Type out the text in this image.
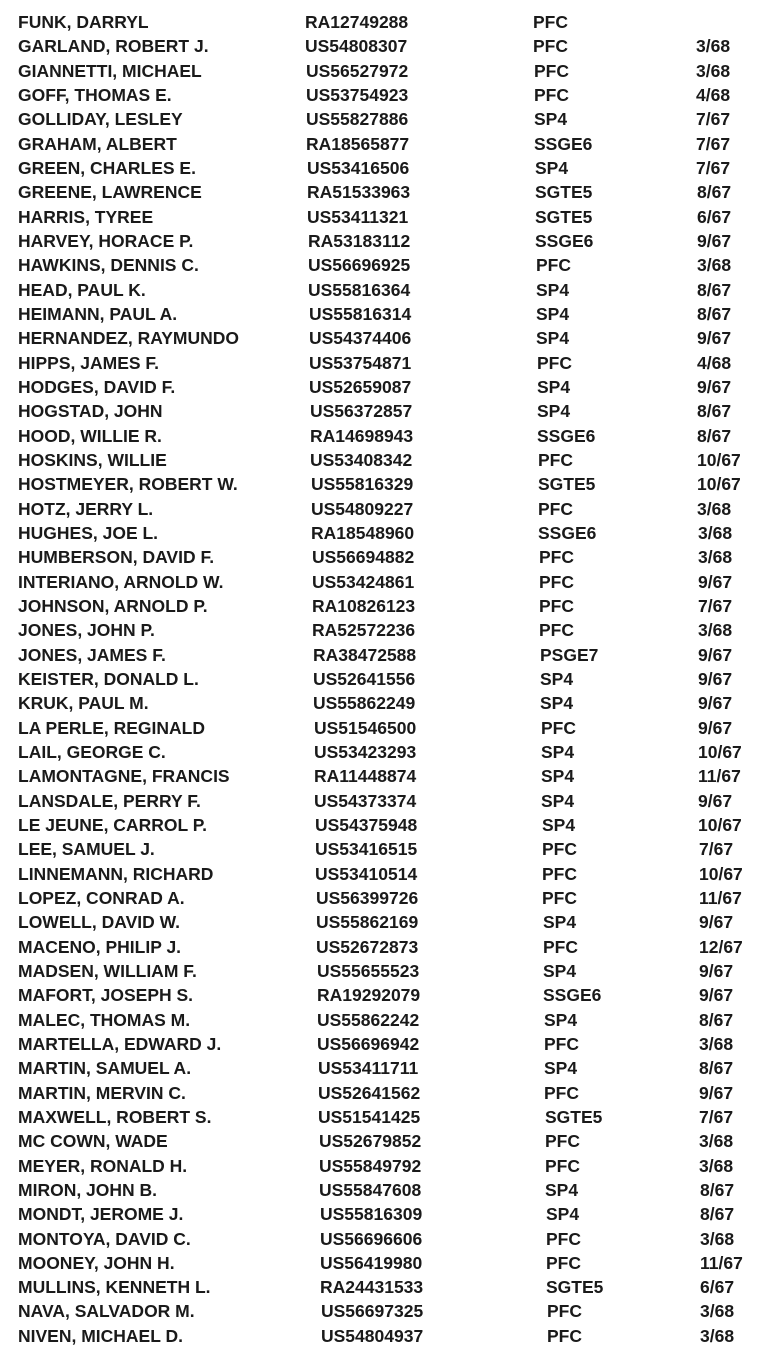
FUNK, DARRYL	RA12749288	PFC
GARLAND, ROBERT J.	US54808307	PFC	3/68
GIANNETTI, MICHAEL	US56527972	PFC	3/68
GOFF, THOMAS E.	US53754923	PFC	4/68
GOLLIDAY, LESLEY	US55827886	SP4	7/67
GRAHAM, ALBERT	RA18565877	SSGE6	7/67
GREEN, CHARLES E.	US53416506	SP4	7/67
GREENE, LAWRENCE	RA51533963	SGTE5	8/67
HARRIS, TYREE	US53411321	SGTE5	6/67
HARVEY, HORACE P.	RA53183112	SSGE6	9/67
HAWKINS, DENNIS C.	US56696925	PFC	3/68
HEAD, PAUL K.	US55816364	SP4	8/67
HEIMANN, PAUL A.	US55816314	SP4	8/67
HERNANDEZ, RAYMUNDO	US54374406	SP4	9/67
HIPPS, JAMES F.	US53754871	PFC	4/68
HODGES, DAVID F.	US52659087	SP4	9/67
HOGSTAD, JOHN	US56372857	SP4	8/67
HOOD, WILLIE R.	RA14698943	SSGE6	8/67
HOSKINS, WILLIE	US53408342	PFC	10/67
HOSTMEYER, ROBERT W.	US55816329	SGTE5	10/67
HOTZ, JERRY L.	US54809227	PFC	3/68
HUGHES, JOE L.	RA18548960	SSGE6	3/68
HUMBERSON, DAVID F.	US56694882	PFC	3/68
INTERIANO, ARNOLD W.	US53424861	PFC	9/67
JOHNSON, ARNOLD P.	RA10826123	PFC	7/67
JONES, JOHN P.	RA52572236	PFC	3/68
JONES, JAMES F.	RA38472588	PSGE7	9/67
KEISTER, DONALD L.	US52641556	SP4	9/67
KRUK, PAUL M.	US55862249	SP4	9/67
LA PERLE, REGINALD	US51546500	PFC	9/67
LAIL, GEORGE C.	US53423293	SP4	10/67
LAMONTAGNE, FRANCIS	RA11448874	SP4	11/67
LANSDALE, PERRY F.	US54373374	SP4	9/67
LE JEUNE, CARROL P.	US54375948	SP4	10/67
LEE, SAMUEL J.	US53416515	PFC	7/67
LINNEMANN, RICHARD	US53410514	PFC	10/67
LOPEZ, CONRAD A.	US56399726	PFC	11/67
LOWELL, DAVID W.	US55862169	SP4	9/67
MACENO, PHILIP J.	US52672873	PFC	12/67
MADSEN, WILLIAM F.	US55655523	SP4	9/67
MAFORT, JOSEPH S.	RA19292079	SSGE6	9/67
MALEC, THOMAS M.	US55862242	SP4	8/67
MARTELLA, EDWARD J.	US56696942	PFC	3/68
MARTIN, SAMUEL A.	US53411711	SP4	8/67
MARTIN, MERVIN C.	US52641562	PFC	9/67
MAXWELL, ROBERT S.	US51541425	SGTE5	7/67
MC COWN, WADE	US52679852	PFC	3/68
MEYER, RONALD H.	US55849792	PFC	3/68
MIRON, JOHN B.	US55847608	SP4	8/67
MONDT, JEROME J.	US55816309	SP4	8/67
MONTOYA, DAVID C.	US56696606	PFC	3/68
MOONEY, JOHN H.	US56419980	PFC	11/67
MULLINS, KENNETH L.	RA24431533	SGTE5	6/67
NAVA, SALVADOR M.	US56697325	PFC	3/68
NIVEN, MICHAEL D.	US54804937	PFC	3/68
